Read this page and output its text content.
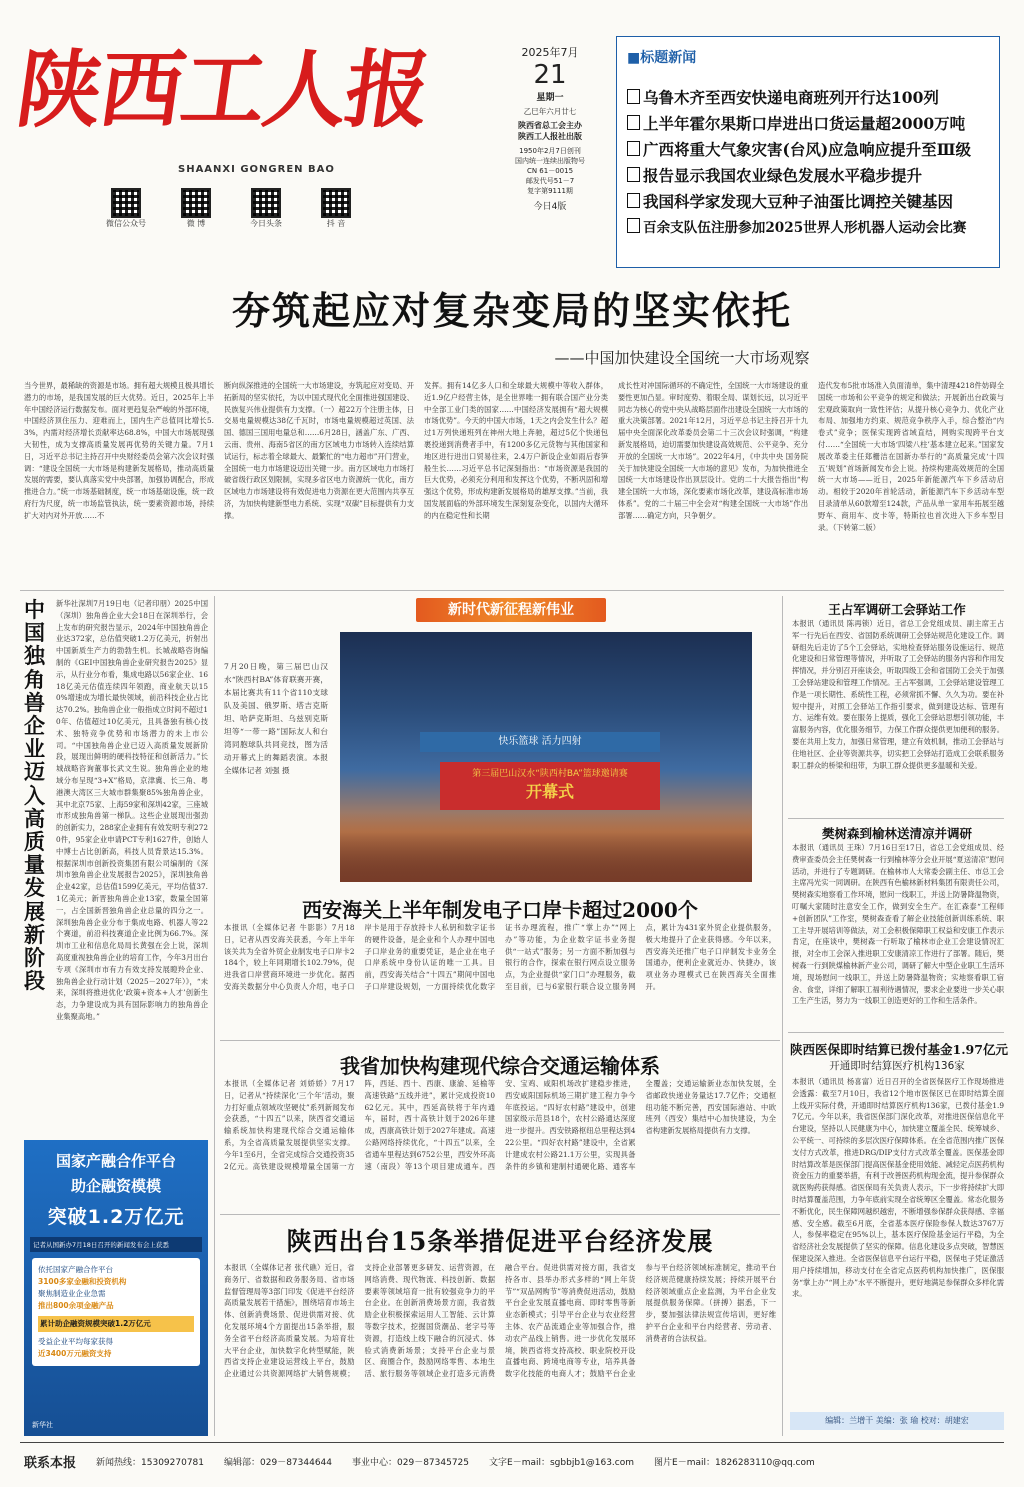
陕西工人报
SHAANXI GONGREN BAO
微信公众号	微 博	今日头条	抖 音
2025年7月
21
星期一
乙巳年六月廿七
陕西省总工会主办
陕西工人报社出版
1950年2月7日创刊
国内统一连续出版物号
CN 61－0015
邮发代号51－7
复字第9111期
今日4版
■标题新闻
乌鲁木齐至西安快递电商班列开行达100列
上半年霍尔果斯口岸进出口货运量超2000万吨
广西将重大气象灾害(台风)应急响应提升至Ⅲ级
报告显示我国农业绿色发展水平稳步提升
我国科学家发现大豆种子油蛋比调控关键基因
百余支队伍注册参加2025世界人形机器人运动会比赛
夯筑起应对复杂变局的坚实依托
——中国加快建设全国统一大市场观察
当今世界，最稀缺的资源是市场。拥有超大规模且极具增长潜力的市场，是我国发展的巨大优势。近日，2025年上半年中国经济运行数据发布。面对更趋复杂严峻的外部环境，中国经济顶住压力、迎难而上，国内生产总值同比增长5.3%，内需对经济增长贡献率达68.8%，中国大市场展现强大韧性，成为支撑高质量发展再优势的关键力量。7月1日，习近平总书记主持召开中央财经委员会第六次会议时强调：“建设全国统一大市场是构建新发展格局，推动高质量发展的需要，要认真落实党中央部署，加强协调配合，形成推进合力。”统一市场基础制度，统一市场基础设施，统一政府行为尺度，统一市场监管执法，统一要素资源市场，持续扩大对内对外开放……不
断向纵深推进的全国统一大市场建设，夯筑起应对变局、开拓新局的坚实依托，为以中国式现代化全面推进强国建设、民族复兴伟业提供有力支撑。（一）超22万个注册主体，日交易电量规模达38亿千瓦时，市场电量规模超过英国、法国、德国三国用电量总和……6月28日，涵盖广东、广西、云南、贵州、海南5省区的南方区域电力市场转入连续结算试运行，标志着全球最大、最繁忙的“电力超市”开门营业，全国统一电力市场建设迈出关键一步。南方区域电力市场打破省级行政区划限制，实现多省区电力资源统一优化，南方区域电力市场建设将有效促进电力资源在更大范围内共享互济，为加快构建新型电力系统、实现“双碳”目标提供有力支撑。
发挥。拥有14亿多人口和全球最大规模中等收入群体，近1.9亿户经营主体，是全世界唯一拥有联合国产业分类中全部工业门类的国家……中国经济发展拥有“超大规模市场优势”。今天的中国大市场，1天之内会发生什么？超过1万列快递班列在神州大地上奔驰，超过5亿个快递包裹投递到消费者手中，有1200多亿元货物与其他国家和地区进行进出口贸易往来，2.4万户新设企业如雨后春笋般生长……习近平总书记深刻指出：“市场资源是我国的巨大优势，必须充分利用和发挥这个优势，不断巩固和增强这个优势，形成构建新发展格局的雄厚支撑。”当前，我国发展面临的外部环境发生深刻复杂变化，以国内大循环的内在稳定性和长期
成长性对冲国际循环的不确定性，全国统一大市场建设的重要性更加凸显。审时度势、着眼全局、谋划长远，以习近平同志为核心的党中央从战略层面作出建设全国统一大市场的重大决策部署。2021年12月，习近平总书记主持召开十九届中央全面深化改革委员会第二十三次会议时强调，“构建新发展格局，迫切需要加快建设高效规范、公平竞争、充分开放的全国统一大市场”。2022年4月，《中共中央 国务院关于加快建设全国统一大市场的意见》发布，为加快推进全国统一大市场建设作出顶层设计。党的二十大报告指出“构建全国统一大市场，深化要素市场化改革，建设高标准市场体系”。党的二十届三中全会对“构建全国统一大市场”作出部署……确定方向，只争朝夕。
造代发布5批市场准入负面清单，集中清理4218件妨碍全国统一市场和公平竞争的规定和做法；开展新出台政策与宏观政策取向一致性评估；从提升核心竞争力、优化产业布局、加强地方约束、规范竞争秩序入手，综合整治“内卷式”竞争；医保实现跨省域直结，网购实现跨平台支付……“全国统一大市场‘四梁八柱’基本建立起来。”国家发展改革委主任郑栅洁在国新办举行的“高质量完成‘十四五’规划”首场新闻发布会上说。持续构建高效规范的全国统一大市场——近日，2025年新能源汽车下乡活动启动。相较于2020年首轮活动，新能源汽车下乡活动车型目录清单从60款增至124款，产品从单一家用车拓展至越野车、商用车、皮卡等，特斯拉也首次进入下乡车型目录。（下转第二版）
中国独角兽企业迈入高质量发展新阶段
新华社深圳7月19日电（记者印朋）2025中国（深圳）独角兽企业大会18日在深圳举行，会上发布的研究报告显示，2024年中国独角兽企业达372家，总估值突破1.2万亿美元，折射出中国新质生产力的勃勃生机。长城战略咨询编制的《GEI中国独角兽企业研究报告2025》显示，从行业分布看，集成电路以56家企业、1618亿美元估值连续四年领跑，商业航天以150%增速成为增长最快领域，前沿科技企业占比达70.2%。独角兽企业一般指成立时间不超过10年、估值超过10亿美元，且具备独有核心技术、独特竞争优势和市场潜力的未上市公司。“中国独角兽企业已迈入高质量发展新阶段，展现出鲜明的硬科技特征和创新活力。”长城战略咨询董事长武文生说。独角兽企业的地域分布呈现“3+X”格局，京津冀、长三角、粤港澳大湾区三大城市群集聚85%独角兽企业，其中北京75家、上海59家和深圳42家，三座城市形成独角兽第一梯队。这些企业展现出强劲的创新实力，288家企业拥有有效发明专利2720件，95家企业申请PCT专利1627件，创始人中博士占比创新高，科技人员背景达15.3%。根据深圳市创新投资集团有限公司编制的《深圳市独角兽企业发展报告2025》，深圳独角兽企业42家，总估值1599亿美元，平均估值37.1亿美元；新晋独角兽企业13家，数量全国第一，占全国新晋独角兽企业总量的四分之一。深圳独角兽企业分布于集成电路、机器人等22个赛道，前沿科技赛道企业比例为66.7%。深圳市工业和信息化局局长黄强在会上说，深圳高度重视独角兽企业的培育工作，今年3月出台专项《深圳市市有力有效支持发展瞪羚企业、独角兽企业行动计划（2025－2027年）》，“未来，深圳将推进优化‘政策+资本+人才’创新生态，力争建设成为具有国际影响力的独角兽企业集聚高地。”
国家产融合作平台
助企融资模模
突破1.2万亿元
记者从国新办7月18日召开的新闻发布会上获悉
依托国家产融合作平台
3100多家金融和投资机构
聚焦制造业企业急需
推出800余项金融产品
累计助企融资规模突破1.2万亿元
受益企业平均每家获得
近3400万元融资支持
新华社
新时代新征程新伟业
快乐篮球 活力四射
第三届巴山汉水“陕西村BA”篮球邀请赛
开幕式
7月20日晚，第三届巴山汉水“陕西村BA”体育联赛开赛，本届比赛共有11个省110支球队及美国、俄罗斯、塔吉克斯坦、哈萨克斯坦、乌兹别克斯坦等“一带一路”国际友人和台湾同胞球队共同竞技，图为活动开幕式上的舞蹈表演。本报全媒体记者 刘强 摄
西安海关上半年制发电子口岸卡超过2000个
本报讯（全媒体记者 牛影影）7月18日，记者从西安海关获悉，今年上半年该关共为全省外贸企业制发电子口岸卡2184个，较上年同期增长102.79%，促进我省口岸营商环境进一步优化。据西安海关数据分中心负责人介绍，电子口岸卡是用于存放持卡人私钥和数字证书的硬件设备，是企业和个人办理中国电子口岸业务的重要凭证，是企业在电子口岸系统中身份认证的唯一工具。目前，西安海关结合“十四五”期间中国电子口岸建设规划，一方面持续优化数字证书办理流程，推广“掌上办”“网上办”等功能，为企业数字证书业务提供“一站式”服务；另一方面不断加强与银行的合作，探索在银行网点设立服务点，为企业提供“家门口”办理服务，截至目前，已与6家银行联合设立服务网点，累计为431家外贸企业提供服务，极大地提升了企业获得感。今年以来，西安海关还推广电子口岸制发卡业务全国通办，便利企业就近办、快捷办，该项业务办理模式已在陕西海关全面推开。
我省加快构建现代综合交通运输体系
本报讯（全媒体记者 刘娇娇）7月17日，记者从“持续深化‘三个年’活动，聚力打好重点领域攻坚硬仗”系列新闻发布会获悉，“十四五”以来，陕西省交通运输系统加快构建现代综合交通运输体系，为全省高质量发展提供坚实支撑。今年1至6月，全省完成综合交通投资352亿元。高铁建设规模增量全国第一方阵，西延、西十、西康、康渝、延榆等高速铁路“五线并进”，累计完成投资1062亿元。其中，西延高铁将于年内通车，届时，西十高铁计划于2026年建成，西康高铁计划于2027年建成。高速公路网络持续优化，“十四五”以来，全省通车里程达到6752公里，西安外环高速（南段）等13个项目建成通车。西安、宝鸡、咸阳机场改扩建稳步推进，西安咸阳国际机场三期扩建工程力争今年底投运。“四好农村路”建设中，创建国家级示范县18个，农村公路通达深度进一步提升。西安铁路枢纽总里程达到422公里。“四好农村路”建设中，全省累计建成农村公路21.1万公里，实现具备条件的乡镇和建制村通硬化路、通客车全覆盖；交通运输新业态加快发展，全省邮政快递业务量达17.7亿件；交通枢纽功能不断完善，西安国际港站、中欧班列（西安）集结中心加快建设，为全省构建新发展格局提供有力支撑。
陕西出台15条举措促进平台经济发展
本报讯（全媒体记者 张代礁）近日，省商务厅、省数据和政务服务局、省市场监督管理局等3部门印发《促进平台经济高质量发展若干措施》，围绕培育市场主体、创新消费场景、促进供需对接、优化发展环境4个方面提出15条举措，服务全省平台经济高质量发展。为培育壮大平台企业，加快数字化转型赋能，陕西省支持企业建设运营线上平台，鼓励企业通过公共资源网络扩大销售规模；支持企业部署更多研发、运营资源，在网络消费、现代物流、科技创新、数据要素等领域培育一批有较强竞争力的平台企业。在创新消费场景方面，我省鼓励企业积极探索运用人工智能、云计算等数字技术，挖掘国货潮品、老字号等资源，打造线上线下融合的沉浸式、体验式消费新场景；支持平台企业与景区、商圈合作，鼓励网络零售、本地生活、旅行服务等领域企业打造多元消费融合平台。促进供需对接方面，我省支持各市、县举办形式多样的“网上年货节”“双品网购节”等消费促进活动，鼓励平台企业发展直播电商、即时零售等新业态新模式；引导平台企业与农业经营主体、农产品流通企业等加强合作，推动农产品线上销售。进一步优化发展环境，陕西省将支持高校、职业院校开设直播电商、跨境电商等专业，培养具备数字化技能的电商人才；鼓励平台企业参与平台经济领域标准制定，推动平台经济规范健康持续发展；持续开展平台经济领域重点企业监测，为平台企业发展提供服务保障。（拼搏）据悉，下一步，要加强法律法规宣传培训，更好维护平台企业和平台内经营者、劳动者、消费者的合法权益。
王占军调研工会驿站工作
本报讯（通讯员 陈再锁）近日，省总工会党组成员、副主席王占军一行先后在西安、省国防系统调研工会驿站规范化建设工作。调研组先后走访了5个工会驿站，实地检查驿站服务设施运行、规范化建设和日常管理等情况，并听取了工会驿站的服务内容和作用发挥情况，并分别召开座谈会，听取四级工会和省国防工会关于加强工会驿站建设和管理工作情况。王占军强调，工会驿站建设管理工作是一项长期性、系统性工程，必须常抓不懈、久久为功。要在补短中提升，对照工会驿站工作指引要求，做到建设达标、管理有方、运维有效。要在服务上提质，强化工会驿站思想引领功能，丰富服务内容，优化服务细节，力保工作群众提供更加便利的服务。要在共用上发力，加强日常管理，建立有效机制，推动工会驿站与住地社区、企业等资源共享，切实把工会驿站打造成工会联系服务职工群众的桥梁和纽带，为职工群众提供更多温暖和关爱。
樊树森到榆林送清凉并调研
本报讯（通讯员 王珠）7月16日至17日，省总工会党组成员、经费审查委员会主任樊树森一行到榆林等分会业开展“夏送清凉”慰问活动，并进行了专题调研。在榆林市人大常委会副主任、市总工会主席冯光实一同调研。在陕西有色榆林新材料集团有限责任公司，樊树森实地察看工作环境，慰问一线职工，并送上防暑降温物资，叮嘱大家随时注意安全工作，做到安全生产。在汇森泰“工程师+创新团队”工作室，樊树森查看了解企业技能创新训练系统、职工主导开展培训等做法，对工会积极保障职工权益和安康工作表示肯定，在座谈中，樊树森一行听取了榆林市企业工会建设情况汇报，对全市工会深入推进职工安康清凉工作进行了部署。随后，樊树森一行到陕煤榆林新产业公司，调研了解大中型企业职工生活环境，现场慰问一线职工，并送上防暑降温物资；实地察看职工宿舍、食堂，详细了解职工福利待遇情况，要求企业要进一步关心职工生产生活，努力为一线职工创造更好的工作和生活条件。
陕西医保即时结算已拨付基金1.97亿元
开通即时结算医疗机构136家
本报讯（通讯员 杨喜富）近日召开的全省医保医疗工作现场推进会透露：截至7月10日，我省12个地市医保区已在即时结算全面上线开实际付费，开通即时结算医疗机构136家，已拨付基金1.97亿元。今年以来，我省医保部门深化改革，对推进医保信息化平台建设，坚持以人民健康为中心，加快建立覆盖全民、统筹城乡、公平统一、可持续的多层次医疗保障体系。在全省范围内推广医保支付方式改革，推进DRG/DIP支付方式改革全覆盖。医保基金即时结算改革是医保部门提高医保基金使用效能、减轻定点医药机构资金压力的重要举措，有利于改善医药机构现金流，提升参保群众就医购药获得感。省医保局有关负责人表示，下一步将持续扩大即时结算覆盖范围，力争年底前实现全省统筹区全覆盖。常态化服务不断优化，民生保障网越织越密，不断增强参保群众获得感、幸福感、安全感。截至6月底，全省基本医疗保险参保人数达3767万人，参保率稳定在95%以上，基本医疗保险基金运行平稳，为全省经济社会发展提供了坚实的保障。信息化建设多点突破，智慧医保建设深入推进。全省医保信息平台运行平稳，医保电子凭证激活用户持续增加，移动支付在全省定点医药机构加快推广，医保服务“掌上办”“网上办”水平不断提升，更好地满足参保群众多样化需求。
编辑：兰增干 美编：张 瑜 校对：胡建宏
联系本报 新闻热线：15309270781 编辑部：029－87344644 事业中心：029－87345725 文字E－mail：sgbbjb1@163.com 图片E－mail：1826283110@qq.com
